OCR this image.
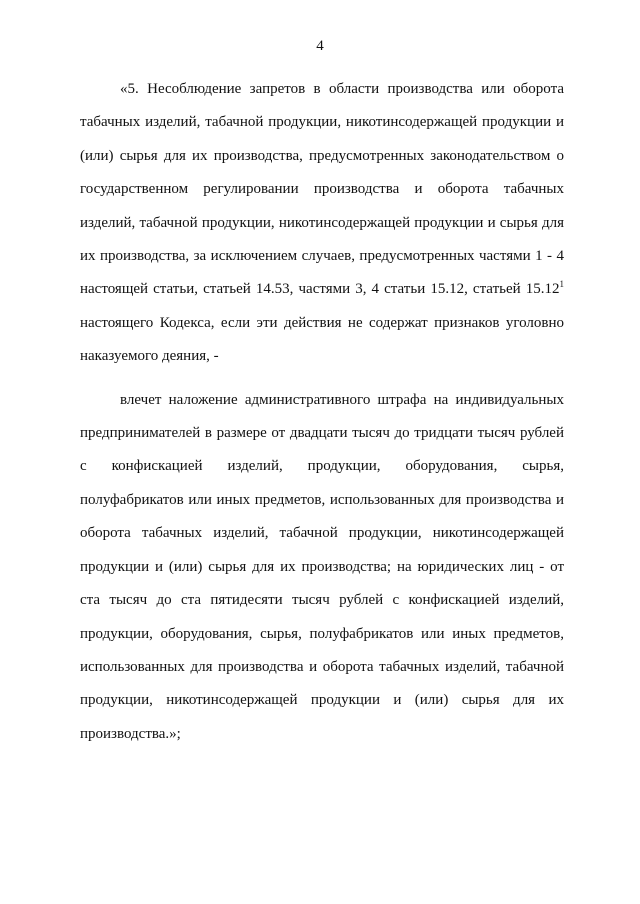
4

«5. Несоблюдение запретов в области производства или оборота табачных изделий, табачной продукции, никотинсодержащей продукции и (или) сырья для их производства, предусмотренных законодательством о государственном регулировании производства и оборота табачных изделий, табачной продукции, никотинсодержащей продукции и сырья для их производства, за исключением случаев, предусмотренных частями 1 - 4 настоящей статьи, статьей 14.53, частями 3, 4 статьи 15.12, статьей 15.12$^1$ настоящего Кодекса, если эти действия не содержат признаков уголовно наказуемого деяния, -

влечет наложение административного штрафа на индивидуальных предпринимателей в размере от двадцати тысяч до тридцати тысяч рублей с конфискацией изделий, продукции, оборудования, сырья, полуфабрикатов или иных предметов, использованных для производства и оборота табачных изделий, табачной продукции, никотинсодержащей продукции и (или) сырья для их производства; на юридических лиц - от ста тысяч до ста пятидесяти тысяч рублей с конфискацией изделий, продукции, оборудования, сырья, полуфабрикатов или иных предметов, использованных для производства и оборота табачных изделий, табачной продукции, никотинсодержащей продукции и (или) сырья для их производства.»;
